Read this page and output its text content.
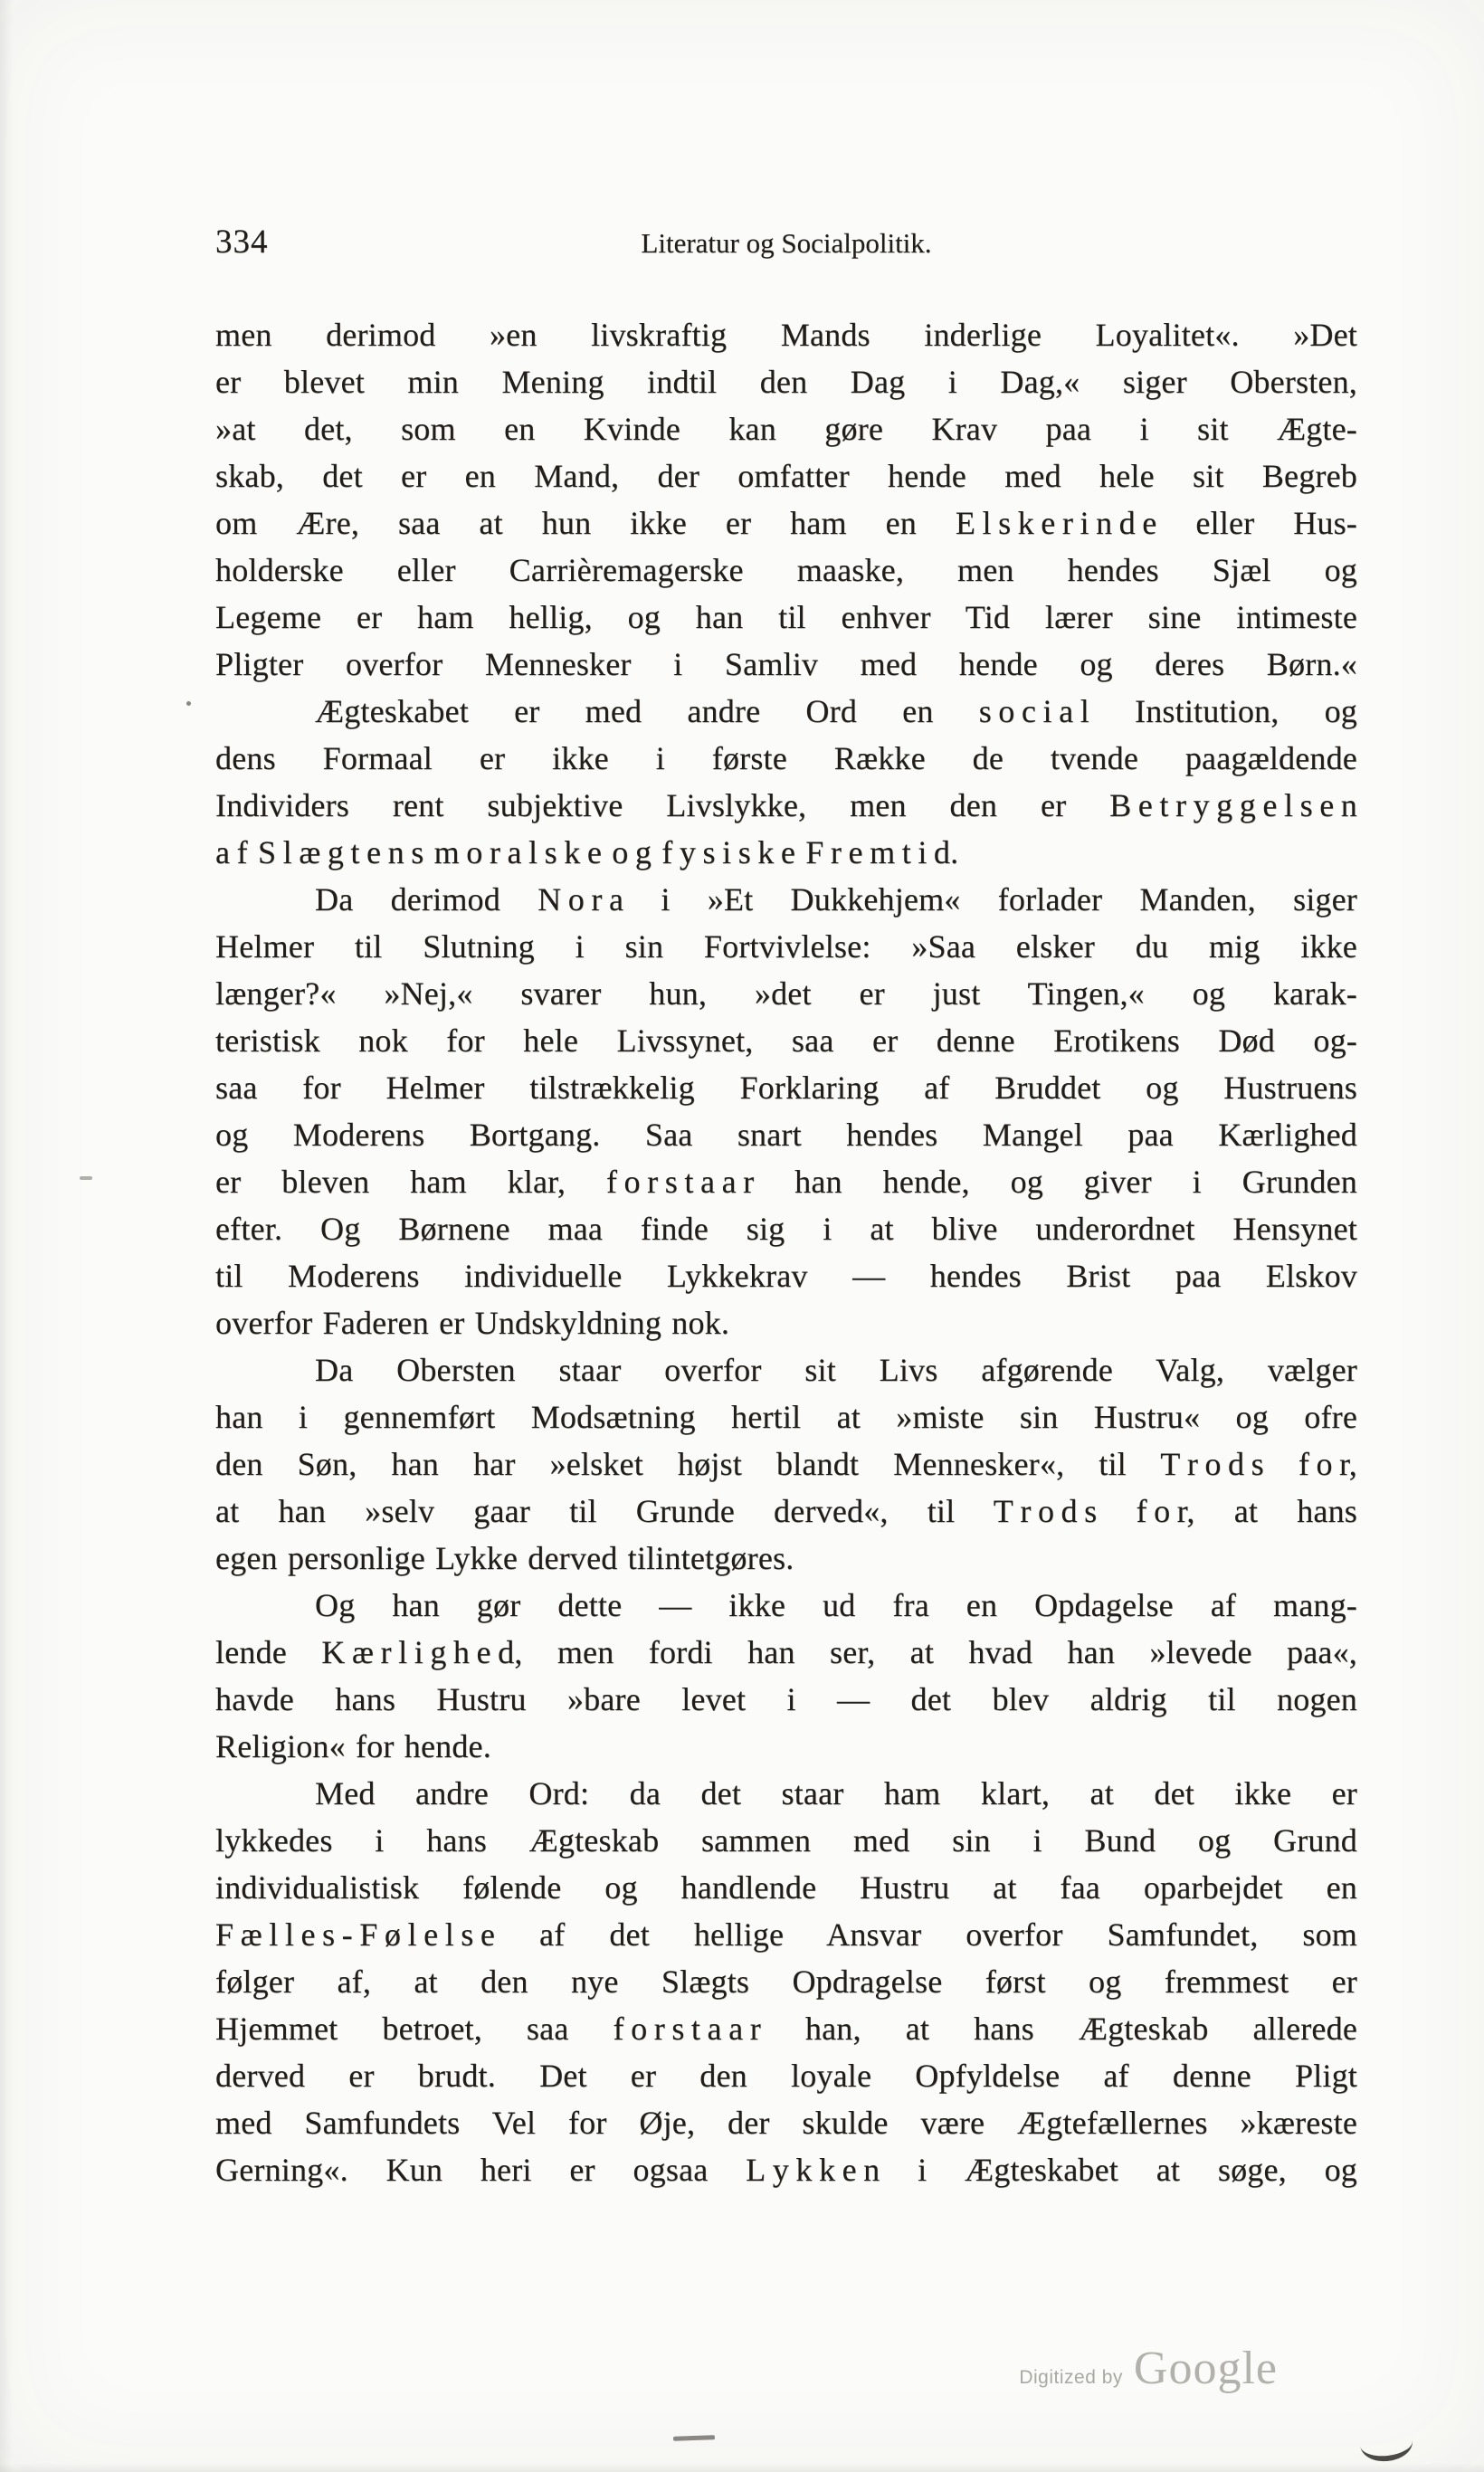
334	Literatur og Socialpolitik.
men derimod »en livskraftig Mands inderlige Loyalitet«. »Det
er blevet min Mening indtil den Dag i Dag,« siger Obersten,
»at det, som en Kvinde kan gøre Krav paa i sit Ægte-
skab, det er en Mand, der omfatter hende med hele sit Begreb
om Ære, saa at hun ikke er ham en E l s k e r i n d e eller Hus-
holderske eller Carrièremagerske maaske, men hendes Sjæl og
Legeme er ham hellig, og han til enhver Tid lærer sine intimeste
Pligter overfor Mennesker i Samliv med hende og deres Børn.«
Ægteskabet er med andre Ord en s o c i a l Institution, og
dens Formaal er ikke i første Række de tvende paagældende
Individers rent subjektive Livslykke, men den er B e t r y g g e l s e n
a f S l æ g t e n s m o r a l s k e o g f y s i s k e F r e m t i d.
Da derimod N o r a i »Et Dukkehjem« forlader Manden, siger
Helmer til Slutning i sin Fortvivlelse: »Saa elsker du mig ikke
længer?« »Nej,« svarer hun, »det er just Tingen,« og karak-
teristisk nok for hele Livssynet, saa er denne Erotikens Død og-
saa for Helmer tilstrækkelig Forklaring af Bruddet og Hustruens
og Moderens Bortgang. Saa snart hendes Mangel paa Kærlighed
er bleven ham klar, f o r s t a a r han hende, og giver i Grunden
efter. Og Børnene maa finde sig i at blive underordnet Hensynet
til Moderens individuelle Lykkekrav — hendes Brist paa Elskov
overfor Faderen er Undskyldning nok.
Da Obersten staar overfor sit Livs afgørende Valg, vælger
han i gennemført Modsætning hertil at »miste sin Hustru« og ofre
den Søn, han har »elsket højst blandt Mennesker«, til T r o d s f o r,
at han »selv gaar til Grunde derved«, til T r o d s f o r, at hans
egen personlige Lykke derved tilintetgøres.
Og han gør dette — ikke ud fra en Opdagelse af mang-
lende K æ r l i g h e d, men fordi han ser, at hvad han »levede paa«,
havde hans Hustru »bare levet i — det blev aldrig til nogen
Religion« for hende.
Med andre Ord: da det staar ham klart, at det ikke er
lykkedes i hans Ægteskab sammen med sin i Bund og Grund
individualistisk følende og handlende Hustru at faa oparbejdet en
F æ l l e s - F ø l e l s e af det hellige Ansvar overfor Samfundet, som
følger af, at den nye Slægts Opdragelse først og fremmest er
Hjemmet betroet, saa f o r s t a a r han, at hans Ægteskab allerede
derved er brudt. Det er den loyale Opfyldelse af denne Pligt
med Samfundets Vel for Øje, der skulde være Ægtefællernes »kæreste
Gerning«. Kun heri er ogsaa L y k k e n i Ægteskabet at søge, og
Digitized by Google
